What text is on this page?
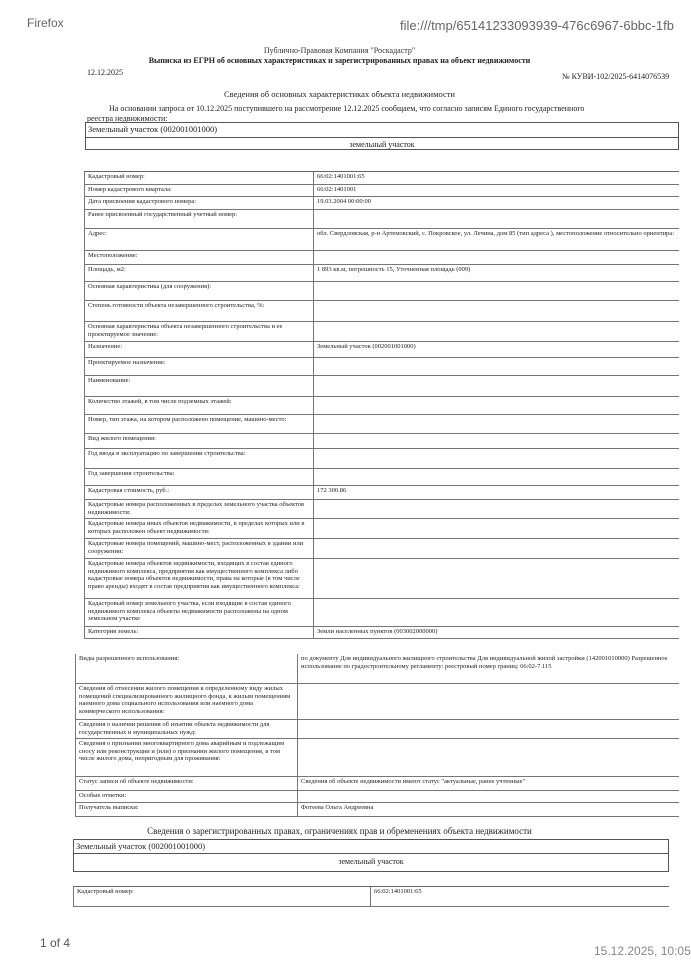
Firefox	file:///tmp/65141233093939-476c6967-6bbc-1fb
Публично-Правовая Компания "Роскадастр"
Выписка из ЕГРН об основных характеристиках и зарегистрированных правах на объект недвижимости
12.12.2025	№ КУВИ-102/2025-6414076539
Сведения об основных характеристиках объекта недвижимости
На основании запроса от 10.12.2025 поступившего на рассмотрение 12.12.2025 сообщаем, что согласно записям Единого государственного
реестра недвижимости:
Земельный участок (002001001000)
земельный участок
Кадастровый номер:	66:02:1401001:65
Номер кадастрового квартала:	66:02:1401001
Дата присвоения кадастрового номера:	19.03.2004 00:00:00
Ранее присвоенный государственный учетный номер:
Адрес:	обл. Свердловская, р-н Артемовский, с. Покровское, ул. Лечина, дом 85 (тип адреса ), местоположение относительно ориентира:
Местоположение:
Площадь, м2:	1 893 кв.м, погрешность 15, Уточненная площадь (009)
Основная характеристика (для сооружения):
Степень готовности объекта незавершенного строительства, %:
Основная характеристика объекта незавершенного строительства и ее проектируемое значение:
Назначение:	Земельный участок (002001001000)
Проектируемое назначение:
Наименование:
Количество этажей, в том числе подземных этажей:
Номер, тип этажа, на котором расположено помещение, машино-место:
Вид жилого помещения:
Год ввода в эксплуатацию по завершении строительства:
Год завершения строительства:
Кадастровая стоимость, руб.:	172 300.86
Кадастровые номера расположенных в пределах земельного участка объектов недвижимости:
Кадастровые номера иных объектов недвижимости, в пределах которых или в которых расположен объект недвижимости:
Кадастровые номера помещений, машино-мест, расположенных в здании или сооружении:
Кадастровые номера объектов недвижимости, входящих в состав единого недвижимого комплекса, предприятия как имущественного комплекса либо кадастровые номера объектов недвижимости, права на которые (в том числе право аренды) входят в состав предприятия как имущественного комплекса:
Кадастровый номер земельного участка, если входящие в состав единого недвижимого комплекса объекты недвижимости расположены на одном земельном участке
Категория земель:	Земли населенных пунктов (003002000000)
Виды разрешенного использования:	по документу Для индивидуального жилищного строительства Для индивидуальной жилой застройки (142001010000) Разрешенное использование по градостроительному регламенту: реестровый номер границ: 66:02-7.115
Сведения об отнесении жилого помещения к определенному виду жилых помещений специализированного жилищного фонда, к жилым помещениям наемного дома социального использования или наемного дома коммерческого использования:
Сведения о наличии решения об изъятии объекта недвижимости для государственных и муниципальных нужд:
Сведения о признании многоквартирного дома аварийным и подлежащим сносу или реконструкции и (или) о признании жилого помещения, в том числе жилого дома, непригодным для проживания:
Статус записи об объекте недвижимости:	Сведения об объекте недвижимости имеют статус "актуальные, ранее учтенные"
Особые отметки:
Получатель выписки:	Фотеева Ольга Андреевна
Сведения о зарегистрированных правах, ограничениях прав и обременениях объекта недвижимости
Земельный участок (002001001000)
земельный участок
Кадастровый номер:	66:02:1401001:65
1 of 4
15.12.2025, 10:05
